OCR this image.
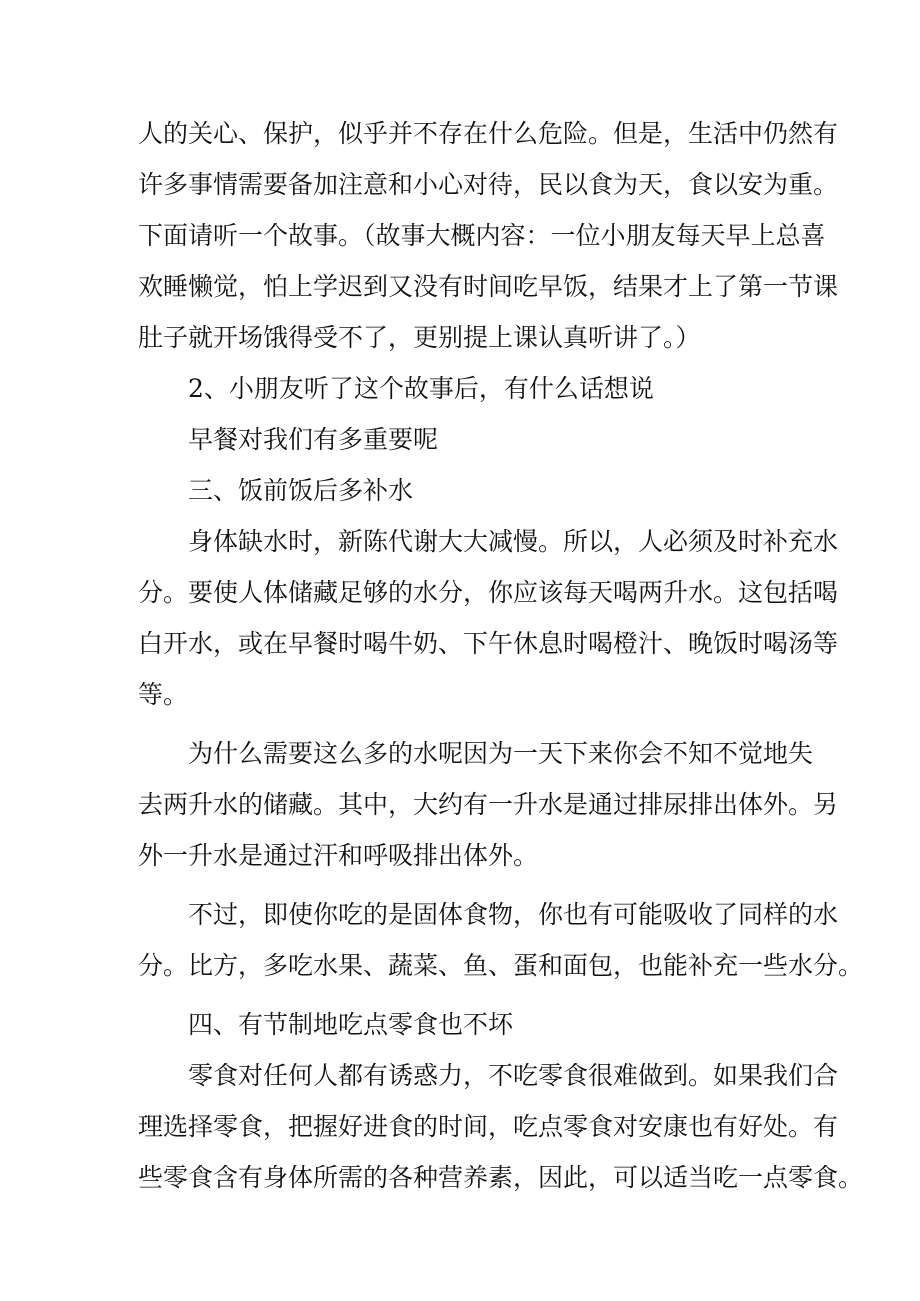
人的关心、保护，似乎并不存在什么危险。但是，生活中仍然有
许多事情需要备加注意和小心对待，民以食为天，食以安为重。
下面请听一个故事。（故事大概内容：一位小朋友每天早上总喜
欢睡懒觉，怕上学迟到又没有时间吃早饭，结果才上了第一节课
肚子就开场饿得受不了，更别提上课认真听讲了。）
2、小朋友听了这个故事后，有什么话想说
早餐对我们有多重要呢
三、饭前饭后多补水
身体缺水时，新陈代谢大大减慢。所以，人必须及时补充水
分。要使人体储藏足够的水分，你应该每天喝两升水。这包括喝
白开水，或在早餐时喝牛奶、下午休息时喝橙汁、晚饭时喝汤等
等。
为什么需要这么多的水呢因为一天下来你会不知不觉地失
去两升水的储藏。其中，大约有一升水是通过排尿排出体外。另
外一升水是通过汗和呼吸排出体外。
不过，即使你吃的是固体食物，你也有可能吸收了同样的水
分。比方，多吃水果、蔬菜、鱼、蛋和面包，也能补充一些水分。
四、有节制地吃点零食也不坏
零食对任何人都有诱惑力，不吃零食很难做到。如果我们合
理选择零食，把握好进食的时间，吃点零食对安康也有好处。有
些零食含有身体所需的各种营养素，因此，可以适当吃一点零食。
